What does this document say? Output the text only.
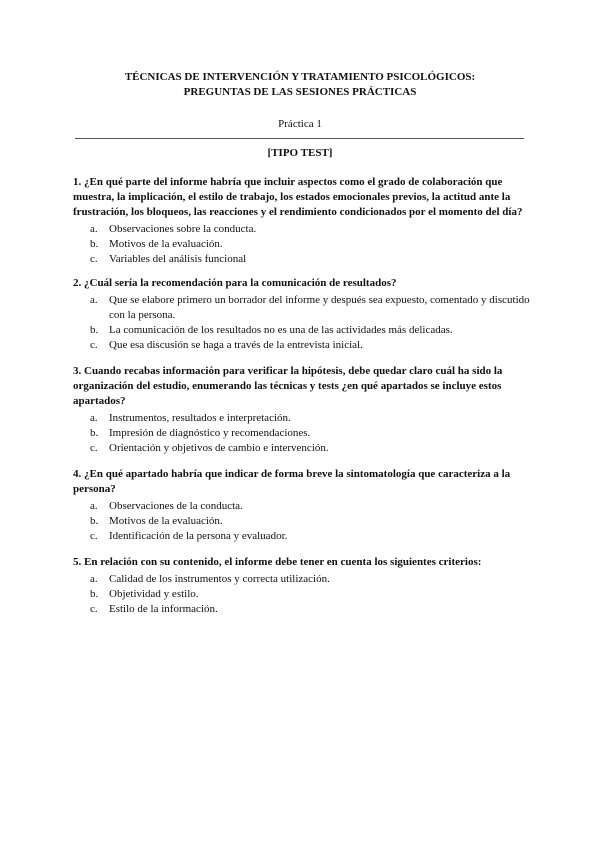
TÉCNICAS DE INTERVENCIÓN Y TRATAMIENTO PSICOLÓGICOS:
PREGUNTAS DE LAS SESIONES PRÁCTICAS
Práctica 1
[TIPO TEST]

1. ¿En qué parte del informe habría que incluir aspectos como el grado de colaboración que muestra, la implicación, el estilo de trabajo, los estados emocionales previos, la actitud ante la frustración, los bloqueos, las reacciones y el rendimiento condicionados por el momento del día?

a. Observaciones sobre la conducta.
b. Motivos de la evaluación.
c. Variables del análisis funcional

2. ¿Cuál sería la recomendación para la comunicación de resultados?

a. Que se elabore primero un borrador del informe y después sea expuesto, comentado y discutido con la persona.
b. La comunicación de los resultados no es una de las actividades más delicadas.
c. Que esa discusión se haga a través de la entrevista inicial.

3. Cuando recabas información para verificar la hipótesis, debe quedar claro cuál ha sido la organización del estudio, enumerando las técnicas y tests ¿en qué apartados se incluye estos apartados?

a. Instrumentos, resultados e interpretación.
b. Impresión de diagnóstico y recomendaciones.
c. Orientación y objetivos de cambio e intervención.

4. ¿En qué apartado habría que indicar de forma breve la sintomatología que caracteriza a la persona?

a. Observaciones de la conducta.
b. Motivos de la evaluación.
c. Identificación de la persona y evaluador.

5. En relación con su contenido, el informe debe tener en cuenta los siguientes criterios:

a. Calidad de los instrumentos y correcta utilización.
b. Objetividad y estilo.
c. Estilo de la información.
